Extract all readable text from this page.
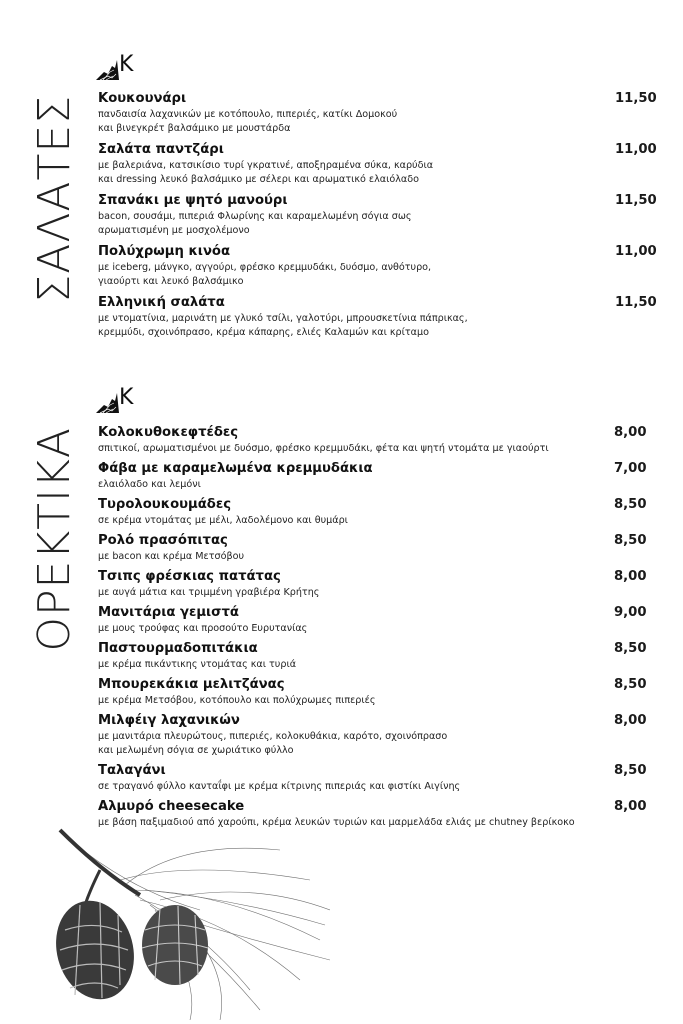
K
ΣΑΛΑΤΕΣ Κουκουνάρι	11,50
πανδαισία λαχανικών με κοτόπουλο, πιπεριές, κατίκι Δομοκού
και βινεγκρέτ βαλσάμικο με μουστάρδα
Σαλάτα παντζάρι	11,00
με βαλεριάνα, κατσικίσιο τυρί γκρατινέ, αποξηραμένα σύκα, καρύδια
και dressing λευκό βαλσάμικο με σέλερι και αρωματικό ελαιόλαδο
Σπανάκι με ψητό μανούρι	11,50
bacon, σουσάμι, πιπεριά Φλωρίνης και καραμελωμένη σόγια σως
αρωματισμένη με μοσχολέμονο
Πολύχρωμη κινόα	11,00
με iceberg, μάνγκο, αγγούρι, φρέσκο κρεμμυδάκι, δυόσμο, ανθότυρο,
γιαούρτι και λευκό βαλσάμικο
Ελληνική σαλάτα	11,50
με ντοματίνια, μαρινάτη με γλυκό τσίλι, γαλοτύρι, μπρουσκετίνια πάπρικας,
κρεμμύδι, σχοινόπρασο, κρέμα κάπαρης, ελιές Καλαμών και κρίταμο
K
ΟΡΕΚΤΙΚΑ Κολοκυθοκεφτέδες	8,00
σπιτικοί, αρωματισμένοι με δυόσμο, φρέσκο κρεμμυδάκι, φέτα και ψητή ντομάτα με γιαούρτι
Φάβα με καραμελωμένα κρεμμυδάκια	7,00
ελαιόλαδο και λεμόνι
Τυρολουκουμάδες	8,50
σε κρέμα ντομάτας με μέλι, λαδολέμονο και θυμάρι
Ρολό πρασόπιτας	8,50
με bacon και κρέμα Μετσόβου
Τσιπς φρέσκιας πατάτας	8,00
με αυγά μάτια και τριμμένη γραβιέρα Κρήτης
Μανιτάρια γεμιστά	9,00
με μους τρούφας και προσούτο Ευρυτανίας
Παστουρμαδοπιτάκια	8,50
με κρέμα πικάντικης ντομάτας και τυριά
Μπουρεκάκια μελιτζάνας	8,50
με κρέμα Μετσόβου, κοτόπουλο και πολύχρωμες πιπεριές
Μιλφέιγ λαχανικών	8,00
με μανιτάρια πλευρώτους, πιπεριές, κολοκυθάκια, καρότο, σχοινόπρασο
και μελωμένη σόγια σε χωριάτικο φύλλο
Ταλαγάνι	8,50
σε τραγανό φύλλο κανταΐφι με κρέμα κίτρινης πιπεριάς και φιστίκι Αιγίνης
Αλμυρό cheesecake	8,00
με βάση παξιμαδιού από χαρούπι, κρέμα λευκών τυριών και μαρμελάδα ελιάς με chutney βερίκοκο
